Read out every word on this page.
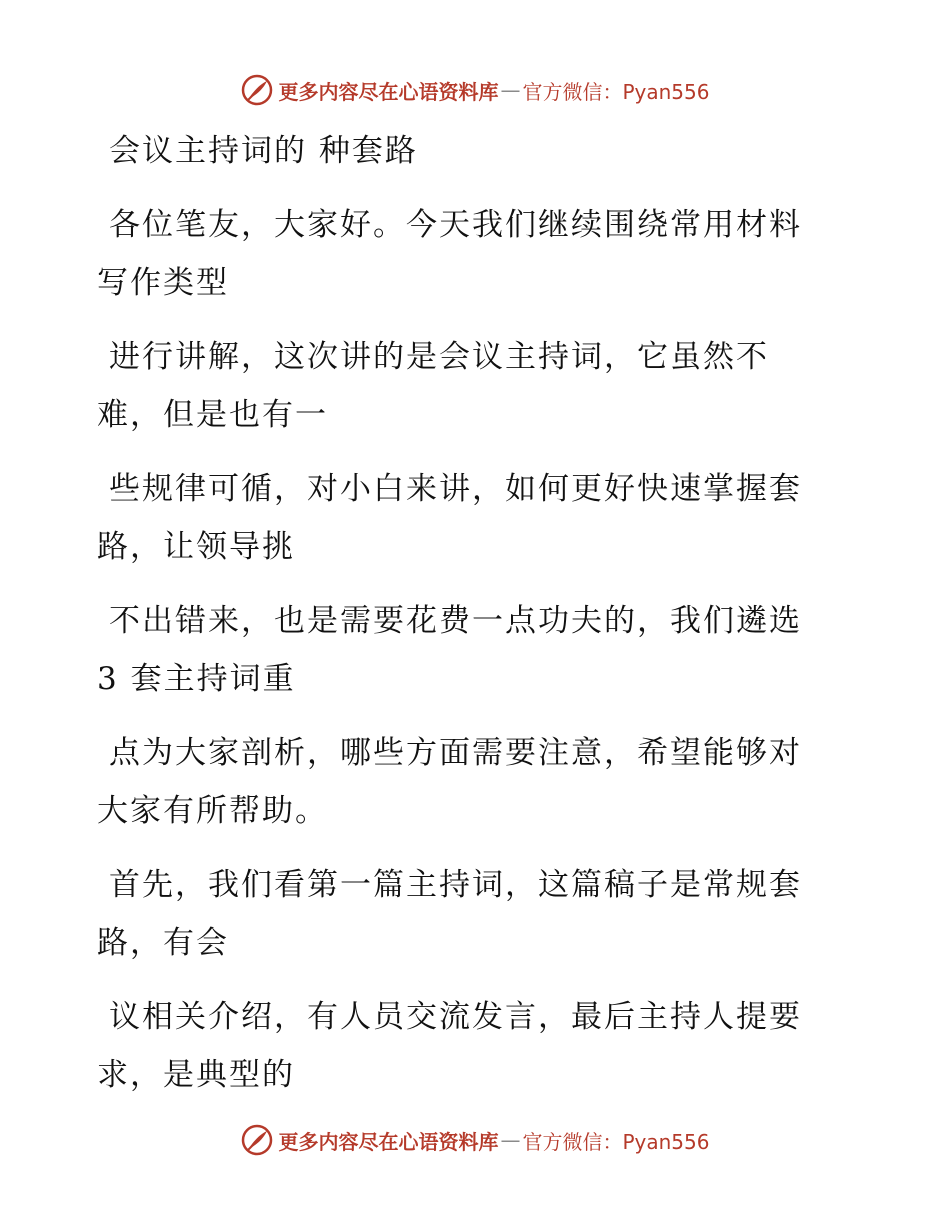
更多内容尽在心语资料库 — 官方微信：Pyan556

会议主持词的 种套路

各位笔友，大家好。今天我们继续围绕常用材料
写作类型
进行讲解，这次讲的是会议主持词，它虽然不
难，但是也有一
些规律可循，对小白来讲，如何更好快速掌握套
路，让领导挑
不出错来，也是需要花费一点功夫的，我们遴选
3 套主持词重
点为大家剖析，哪些方面需要注意，希望能够对
大家有所帮助。
首先，我们看第一篇主持词，这篇稿子是常规套
路，有会
议相关介绍，有人员交流发言，最后主持人提要
求，是典型的
更多内容尽在心语资料库 — 官方微信：Pyan556
